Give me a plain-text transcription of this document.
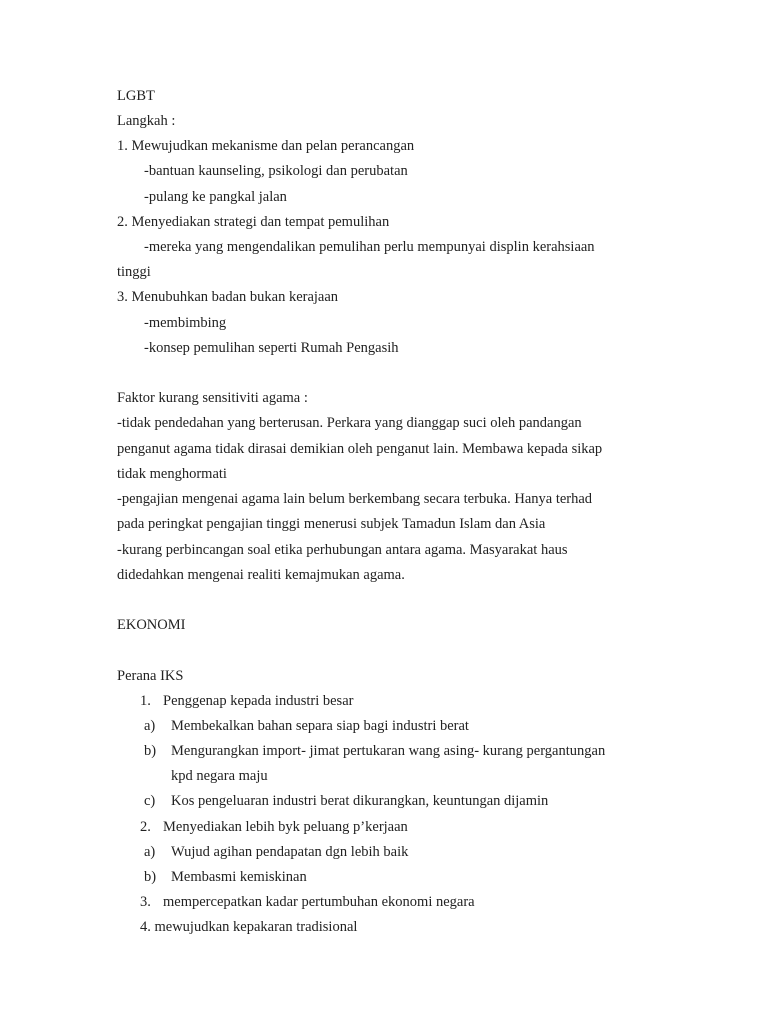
LGBT
Langkah :
1. Mewujudkan mekanisme dan pelan perancangan
-bantuan kaunseling, psikologi dan perubatan
-pulang ke pangkal jalan
2. Menyediakan strategi dan tempat pemulihan
-mereka yang mengendalikan pemulihan perlu mempunyai displin kerahsiaan
tinggi
3. Menubuhkan badan bukan kerajaan
-membimbing
-konsep pemulihan seperti Rumah Pengasih
Faktor kurang sensitiviti agama :
-tidak pendedahan yang berterusan. Perkara yang dianggap suci oleh pandangan
penganut agama tidak dirasai demikian oleh penganut lain. Membawa kepada sikap
tidak menghormati
-pengajian mengenai agama lain belum berkembang secara terbuka. Hanya terhad
pada peringkat pengajian tinggi menerusi subjek Tamadun Islam dan Asia
-kurang perbincangan soal etika perhubungan antara agama. Masyarakat haus
didedahkan mengenai realiti kemajmukan agama.
EKONOMI
Perana IKS
1. Penggenap kepada industri besar
a) Membekalkan bahan separa siap bagi industri berat
b) Mengurangkan import- jimat pertukaran wang asing- kurang pergantungan
kpd negara maju
c) Kos pengeluaran industri berat dikurangkan, keuntungan dijamin
2. Menyediakan lebih byk peluang p’kerjaan
a) Wujud agihan pendapatan dgn lebih baik
b) Membasmi kemiskinan
3. mempercepatkan kadar pertumbuhan ekonomi negara
4. mewujudkan kepakaran tradisional
